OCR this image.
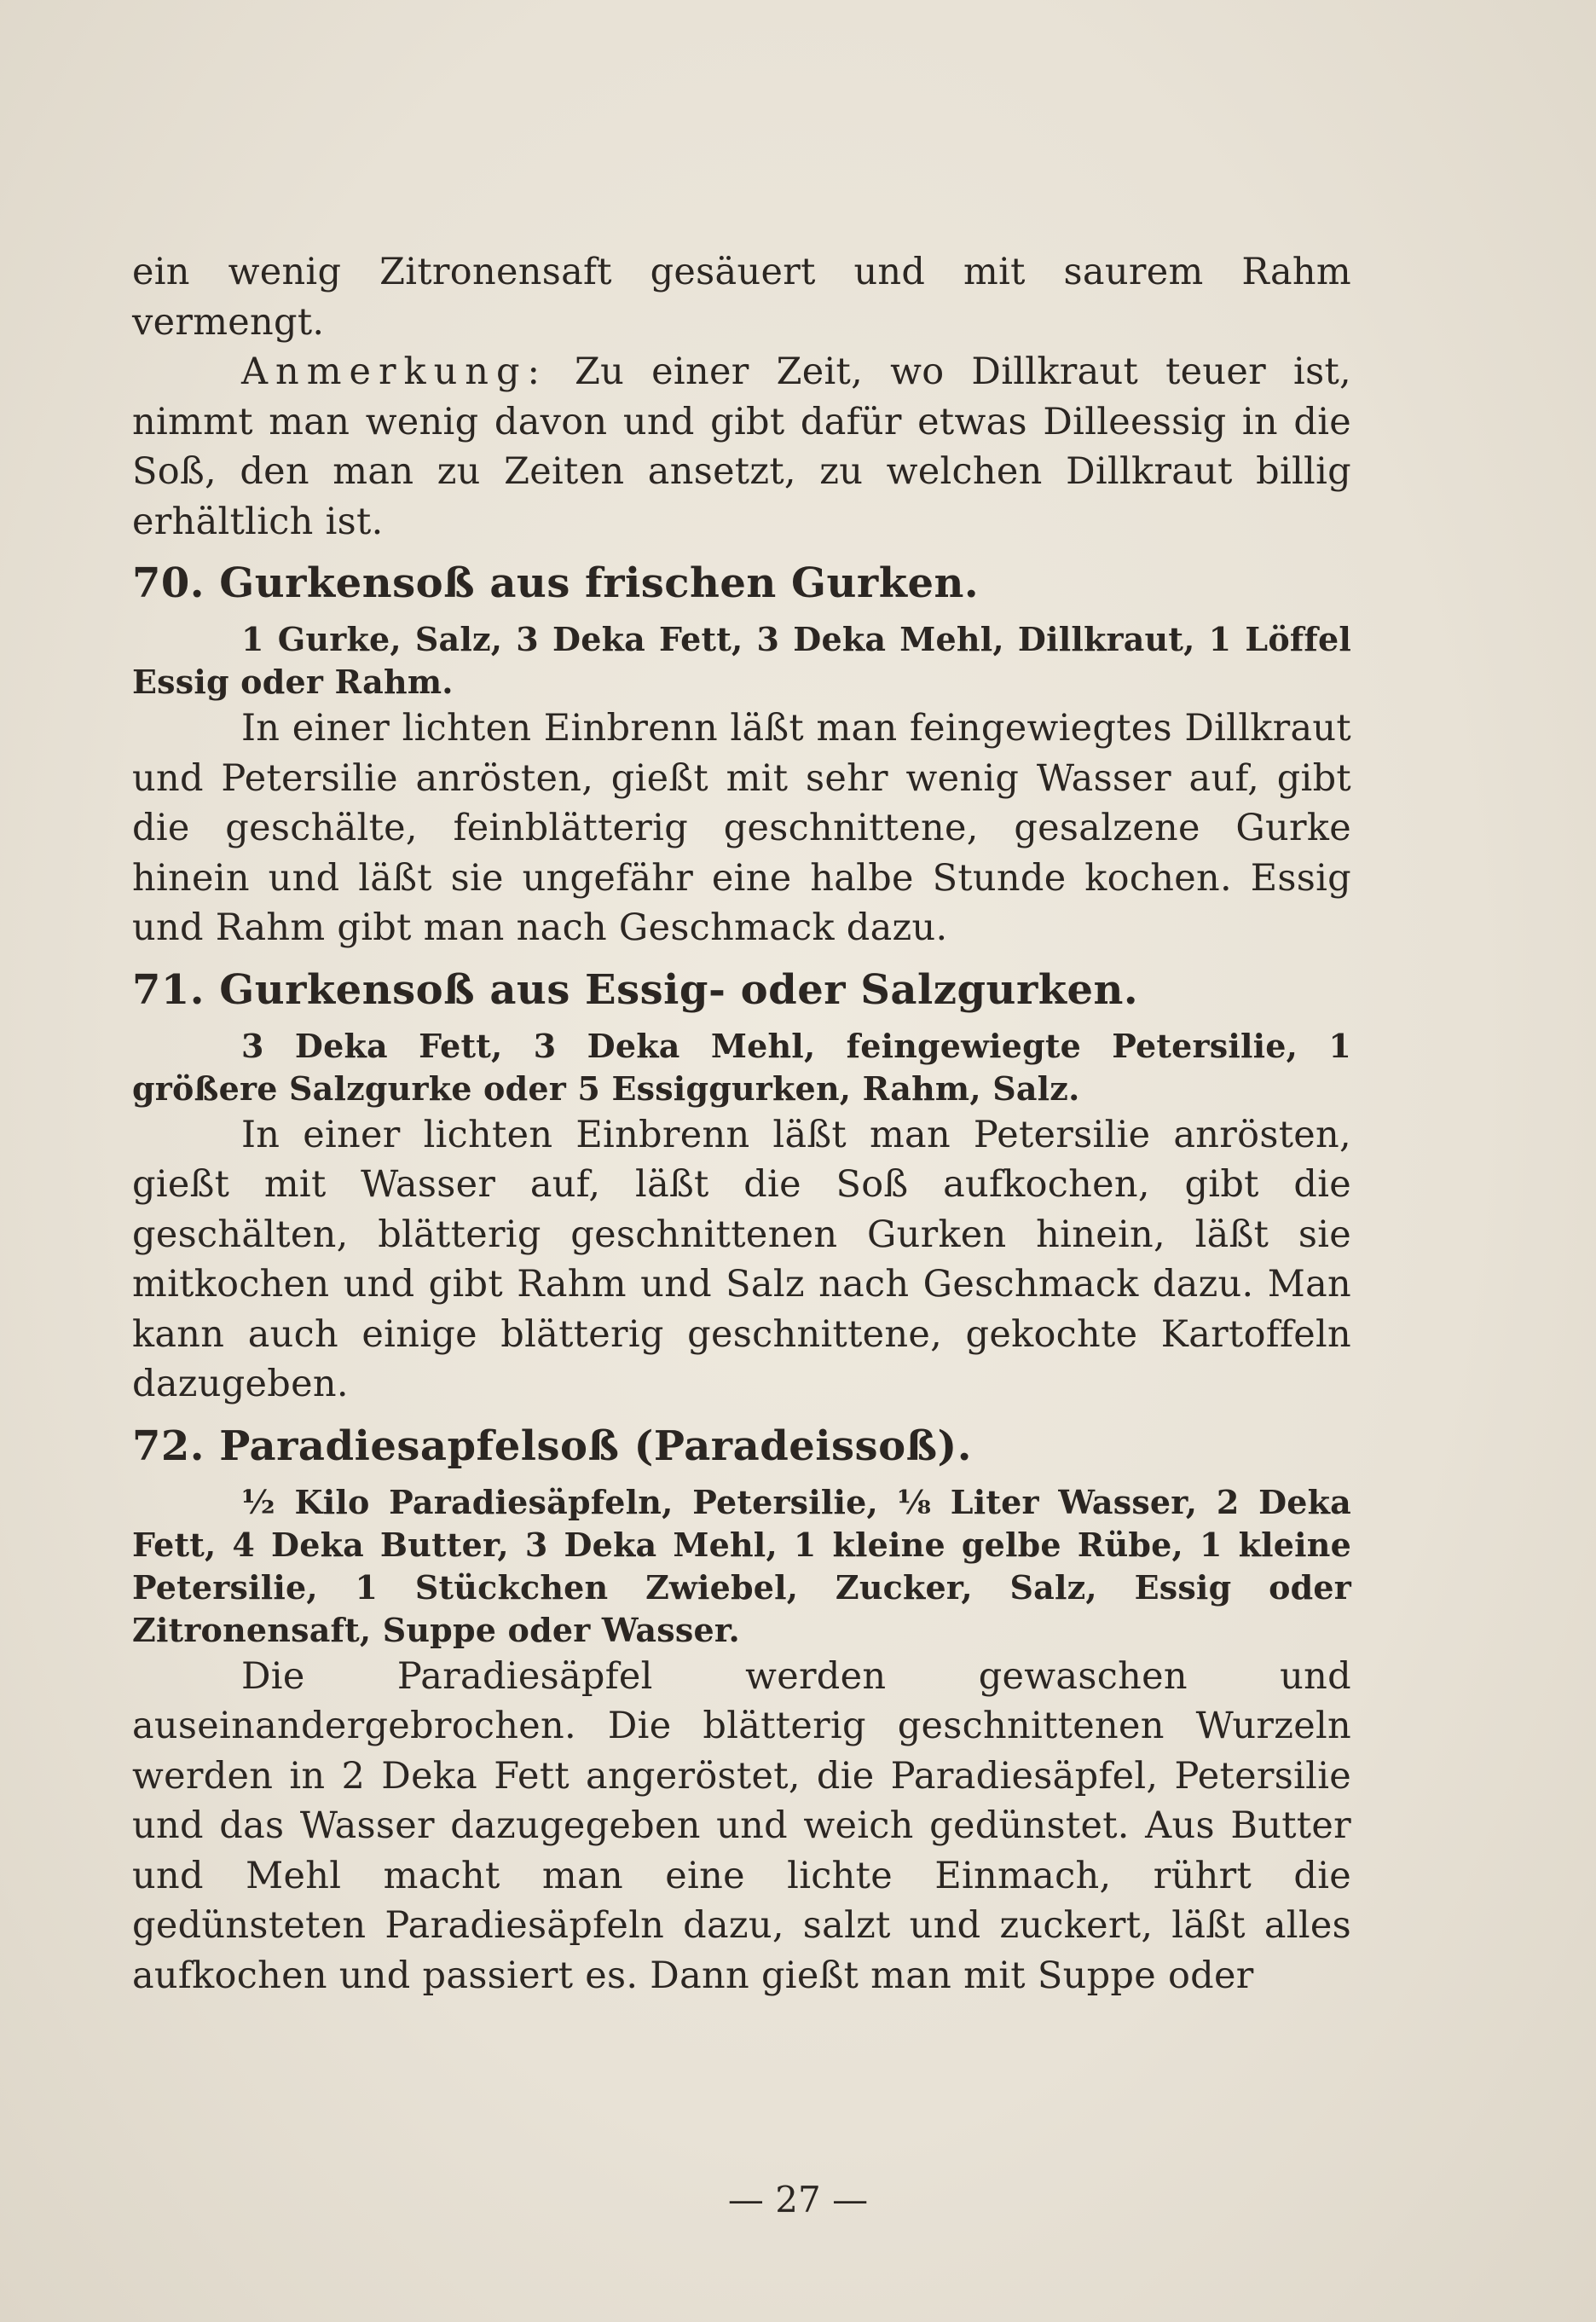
ein wenig Zitronensaft gesäuert und mit saurem Rahm vermengt.

Anmerkung: Zu einer Zeit, wo Dillkraut teuer ist, nimmt man wenig davon und gibt dafür etwas Dilleessig in die Soß, den man zu Zeiten ansetzt, zu welchen Dillkraut billig erhältlich ist.

70. Gurkensoß aus frischen Gurken.

1 Gurke, Salz, 3 Deka Fett, 3 Deka Mehl, Dillkraut, 1 Löffel Essig oder Rahm.

In einer lichten Einbrenn läßt man feingewiegtes Dillkraut und Petersilie anrösten, gießt mit sehr wenig Wasser auf, gibt die geschälte, feinblätterig geschnittene, gesalzene Gurke hinein und läßt sie ungefähr eine halbe Stunde kochen. Essig und Rahm gibt man nach Geschmack dazu.

71. Gurkensoß aus Essig- oder Salzgurken.

3 Deka Fett, 3 Deka Mehl, feingewiegte Petersilie, 1 größere Salzgurke oder 5 Essiggurken, Rahm, Salz.

In einer lichten Einbrenn läßt man Petersilie anrösten, gießt mit Wasser auf, läßt die Soß aufkochen, gibt die geschälten, blätterig geschnittenen Gurken hinein, läßt sie mitkochen und gibt Rahm und Salz nach Geschmack dazu. Man kann auch einige blätterig geschnittene, gekochte Kartoffeln dazugeben.

72. Paradiesapfelsoß (Paradeissoß).

½ Kilo Paradiesäpfeln, Petersilie, ⅛ Liter Wasser, 2 Deka Fett, 4 Deka Butter, 3 Deka Mehl, 1 kleine gelbe Rübe, 1 kleine Petersilie, 1 Stückchen Zwiebel, Zucker, Salz, Essig oder Zitronensaft, Suppe oder Wasser.

Die Paradiesäpfel werden gewaschen und auseinandergebrochen. Die blätterig geschnittenen Wurzeln werden in 2 Deka Fett angeröstet, die Paradiesäpfel, Petersilie und das Wasser dazugegeben und weich gedünstet. Aus Butter und Mehl macht man eine lichte Einmach, rührt die gedünsteten Paradiesäpfeln dazu, salzt und zuckert, läßt alles aufkochen und passiert es. Dann gießt man mit Suppe oder

— 27 —
